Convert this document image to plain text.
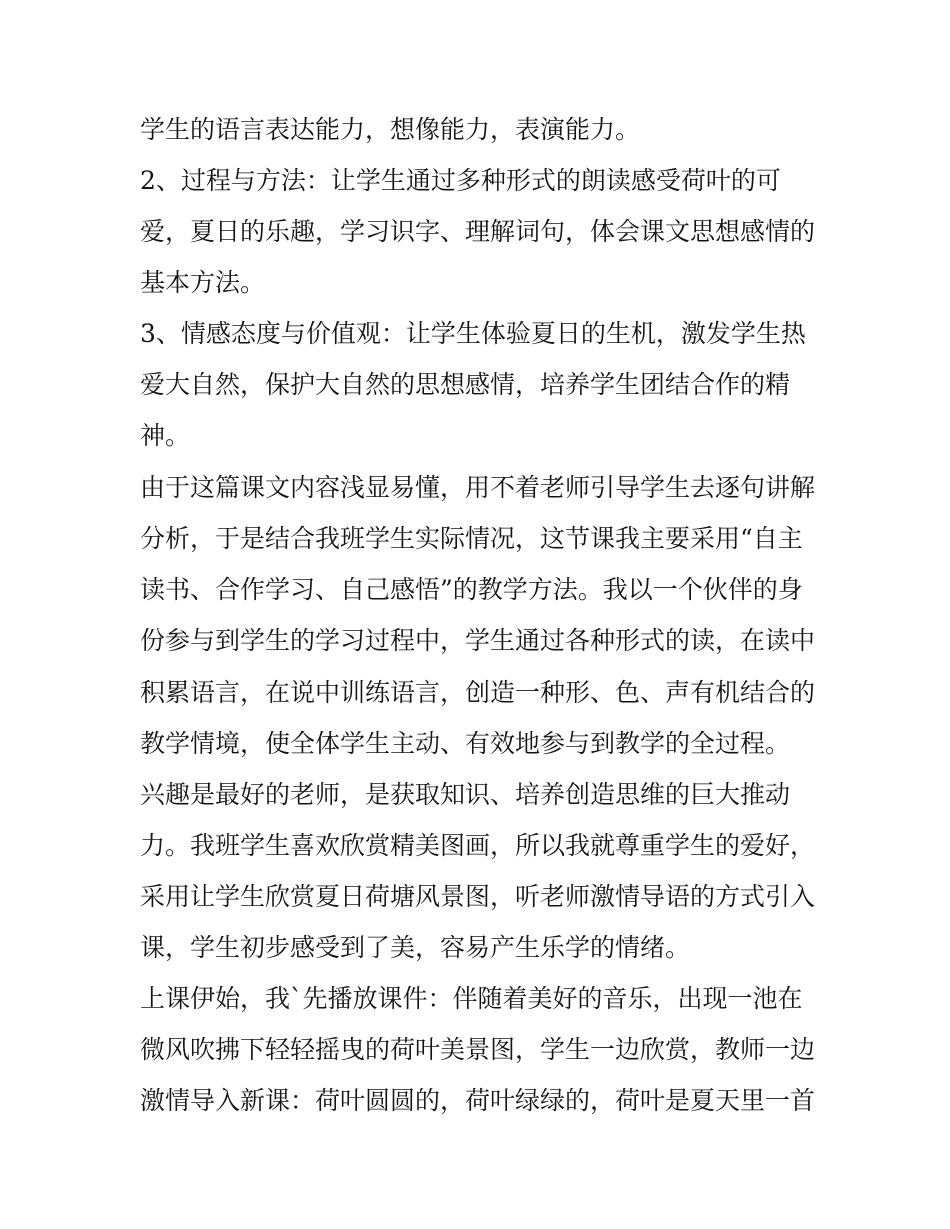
学生的语言表达能力，想像能力，表演能力。
2、过程与方法：让学生通过多种形式的朗读感受荷叶的可
爱，夏日的乐趣，学习识字、理解词句，体会课文思想感情的
基本方法。
3、情感态度与价值观：让学生体验夏日的生机，激发学生热
爱大自然，保护大自然的思想感情，培养学生团结合作的精
神。
由于这篇课文内容浅显易懂，用不着老师引导学生去逐句讲解
分析，于是结合我班学生实际情况，这节课我主要采用“自主
读书、合作学习、自己感悟”的教学方法。我以一个伙伴的身
份参与到学生的学习过程中，学生通过各种形式的读，在读中
积累语言，在说中训练语言，创造一种形、色、声有机结合的
教学情境，使全体学生主动、有效地参与到教学的全过程。
兴趣是最好的老师，是获取知识、培养创造思维的巨大推动
力。我班学生喜欢欣赏精美图画，所以我就尊重学生的爱好，
采用让学生欣赏夏日荷塘风景图，听老师激情导语的方式引入
课，学生初步感受到了美，容易产生乐学的情绪。
上课伊始，我`先播放课件：伴随着美好的音乐，出现一池在
微风吹拂下轻轻摇曳的荷叶美景图，学生一边欣赏，教师一边
激情导入新课：荷叶圆圆的，荷叶绿绿的，荷叶是夏天里一首
